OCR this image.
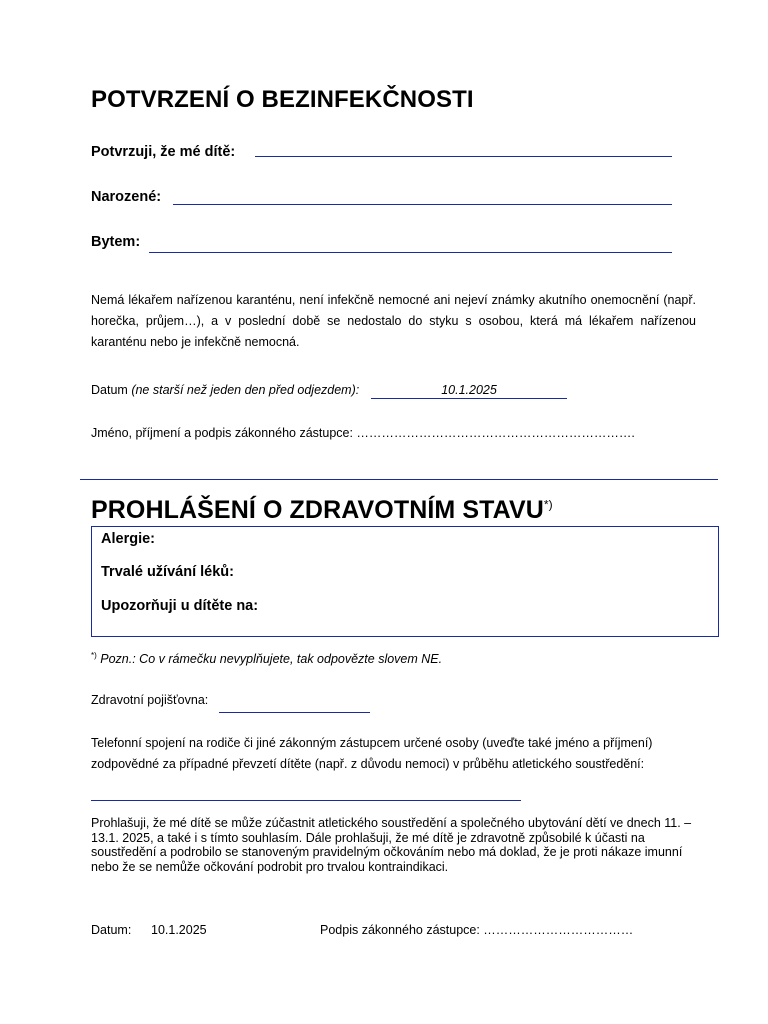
POTVRZENÍ O BEZINFEKČNOSTI
Potvrzuji, že mé dítě:
Narozené:
Bytem:
Nemá lékařem nařízenou karanténu, není infekčně nemocné ani nejeví známky akutního onemocnění (např. horečka, průjem…), a v poslední době se nedostalo do styku s osobou, která má lékařem nařízenou karanténu nebo je infekčně nemocná.
Datum (ne starší než jeden den před odjezdem):	10.1.2025
Jméno, příjmení a podpis zákonného zástupce: ………………………………………………………….
PROHLÁŠENÍ O ZDRAVOTNÍM STAVU*)
Alergie:
Trvalé užívání léků:
Upozorňuji u dítěte na:
*) Pozn.: Co v rámečku nevyplňujete, tak odpovězte slovem NE.
Zdravotní pojišťovna:
Telefonní spojení na rodiče či jiné zákonným zástupcem určené osoby (uveďte také jméno a příjmení) zodpovědné za případné převzetí dítěte (např. z důvodu nemoci) v průběhu atletického soustředění:
Prohlašuji, že mé dítě se může zúčastnit atletického soustředění a společného ubytování dětí ve dnech 11. – 13.1. 2025, a také i s tímto souhlasím. Dále prohlašuji, že mé dítě je zdravotně způsobilé k účasti na soustředění a podrobilo se stanoveným pravidelným očkováním nebo má doklad, že je proti nákaze imunní nebo že se nemůže očkování podrobit pro trvalou kontraindikaci.
Datum: 10.1.2025	Podpis zákonného zástupce: ………………………………
